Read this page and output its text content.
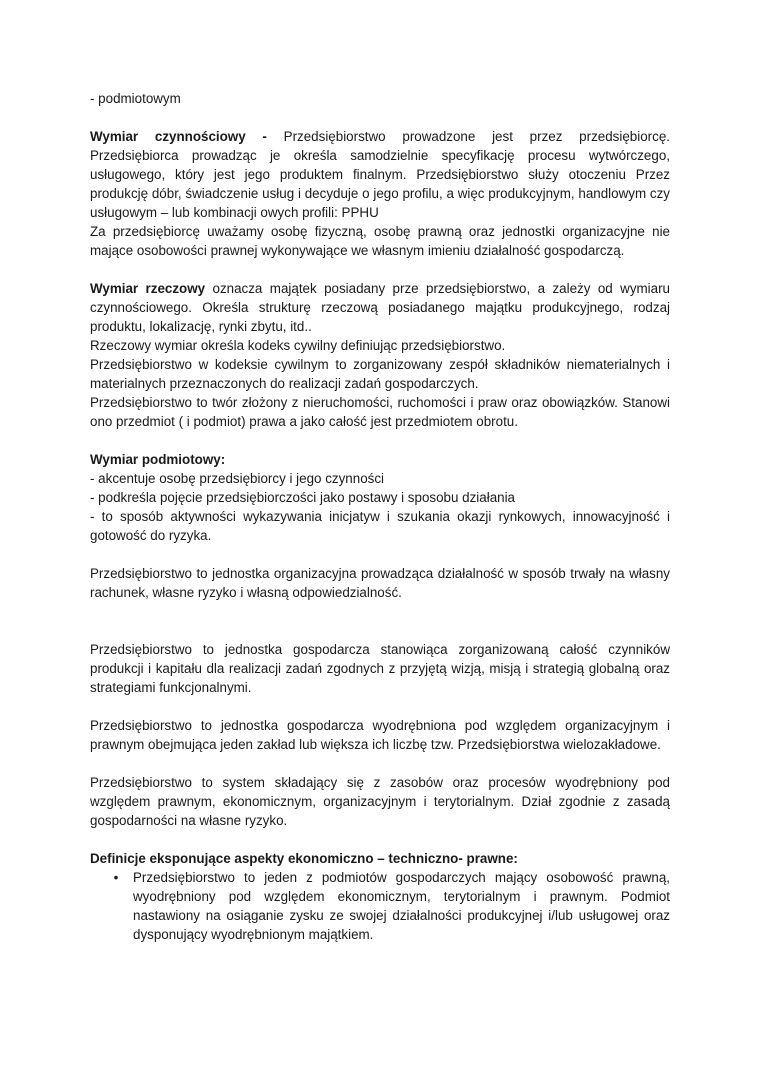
- podmiotowym

Wymiar czynnościowy - Przedsiębiorstwo prowadzone jest przez przedsiębiorcę. Przedsiębiorca prowadząc je określa samodzielnie specyfikację procesu wytwórczego, usługowego, który jest jego produktem finalnym. Przedsiębiorstwo służy otoczeniu Przez produkcję dóbr, świadczenie usług i decyduje o jego profilu, a więc produkcyjnym, handlowym czy usługowym – lub kombinacji owych profili: PPHU

Za przedsiębiorcę uważamy osobę fizyczną, osobę prawną oraz jednostki organizacyjne nie mające osobowości prawnej wykonywające we własnym imieniu działalność gospodarczą.

Wymiar rzeczowy oznacza majątek posiadany prze przedsiębiorstwo, a zależy od wymiaru czynnościowego. Określa strukturę rzeczową posiadanego majątku produkcyjnego, rodzaj produktu, lokalizację, rynki zbytu, itd..

Rzeczowy wymiar określa kodeks cywilny definiując przedsiębiorstwo.

Przedsiębiorstwo w kodeksie cywilnym to zorganizowany zespół składników niematerialnych i materialnych przeznaczonych do realizacji zadań gospodarczych.

Przedsiębiorstwo to twór złożony z nieruchomości, ruchomości i praw oraz obowiązków. Stanowi ono przedmiot ( i podmiot) prawa a jako całość jest przedmiotem obrotu.

Wymiar podmiotowy:

- akcentuje osobę przedsiębiorcy i jego czynności

- podkreśla pojęcie przedsiębiorczości jako postawy i sposobu działania

- to sposób aktywności wykazywania inicjatyw i szukania okazji rynkowych, innowacyjność i gotowość do ryzyka.

Przedsiębiorstwo to jednostka organizacyjna prowadząca działalność w sposób trwały na własny rachunek, własne ryzyko i własną odpowiedzialność.

Przedsiębiorstwo to jednostka gospodarcza stanowiąca zorganizowaną całość czynników produkcji i kapitału dla realizacji zadań zgodnych z przyjętą wizją, misją i strategią globalną oraz strategiami funkcjonalnymi.

Przedsiębiorstwo to jednostka gospodarcza wyodrębniona pod względem organizacyjnym i prawnym obejmująca jeden zakład lub większa ich liczbę tzw. Przedsiębiorstwa wielozakładowe.

Przedsiębiorstwo to system składający się z zasobów oraz procesów wyodrębniony pod względem prawnym, ekonomicznym, organizacyjnym i terytorialnym. Dział zgodnie z zasadą gospodarności na własne ryzyko.

Definicje eksponujące aspekty ekonomiczno – techniczno- prawne:

• Przedsiębiorstwo to jeden z podmiotów gospodarczych mający osobowość prawną, wyodrębniony pod względem ekonomicznym, terytorialnym i prawnym. Podmiot nastawiony na osiąganie zysku ze swojej działalności produkcyjnej i/lub usługowej oraz dysponujący wyodrębnionym majątkiem.
